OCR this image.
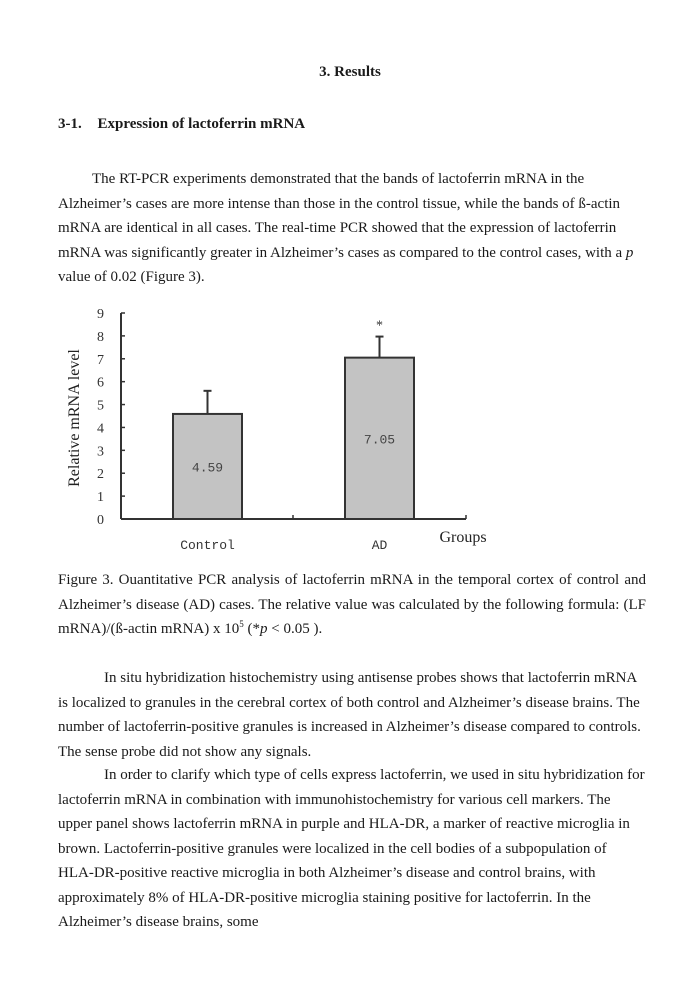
3. Results
3-1. Expression of lactoferrin mRNA

The RT-PCR experiments demonstrated that the bands of lactoferrin mRNA in the Alzheimer’s cases are more intense than those in the control tissue, while the bands of ß-actin mRNA are identical in all cases. The real-time PCR showed that the expression of lactoferrin mRNA was significantly greater in Alzheimer’s cases as compared to the control cases, with a p value of 0.02 (Figure 3).

0
1
2
3
4
5
6
7
8
9
4.59
Control
7.05
*
AD	Groups
Relative mRNA level

Figure 3. Ouantitative PCR analysis of lactoferrin mRNA in the temporal cortex of control and Alzheimer’s disease (AD) cases. The relative value was calculated by the following formula: (LF mRNA)/(ß-actin mRNA) x $10^5$ (*p < 0.05 ).

In situ hybridization histochemistry using antisense probes shows that lactoferrin mRNA is localized to granules in the cerebral cortex of both control and Alzheimer’s disease brains. The number of lactoferrin-positive granules is increased in Alzheimer’s disease compared to controls. The sense probe did not show any signals.

In order to clarify which type of cells express lactoferrin, we used in situ hybridization for lactoferrin mRNA in combination with immunohistochemistry for various cell markers. The upper panel shows lactoferrin mRNA in purple and HLA-DR, a marker of reactive microglia in brown. Lactoferrin-positive granules were localized in the cell bodies of a subpopulation of HLA-DR-positive reactive microglia in both Alzheimer’s disease and control brains, with approximately 8% of HLA-DR-positive microglia staining positive for lactoferrin. In the Alzheimer’s disease brains, some
